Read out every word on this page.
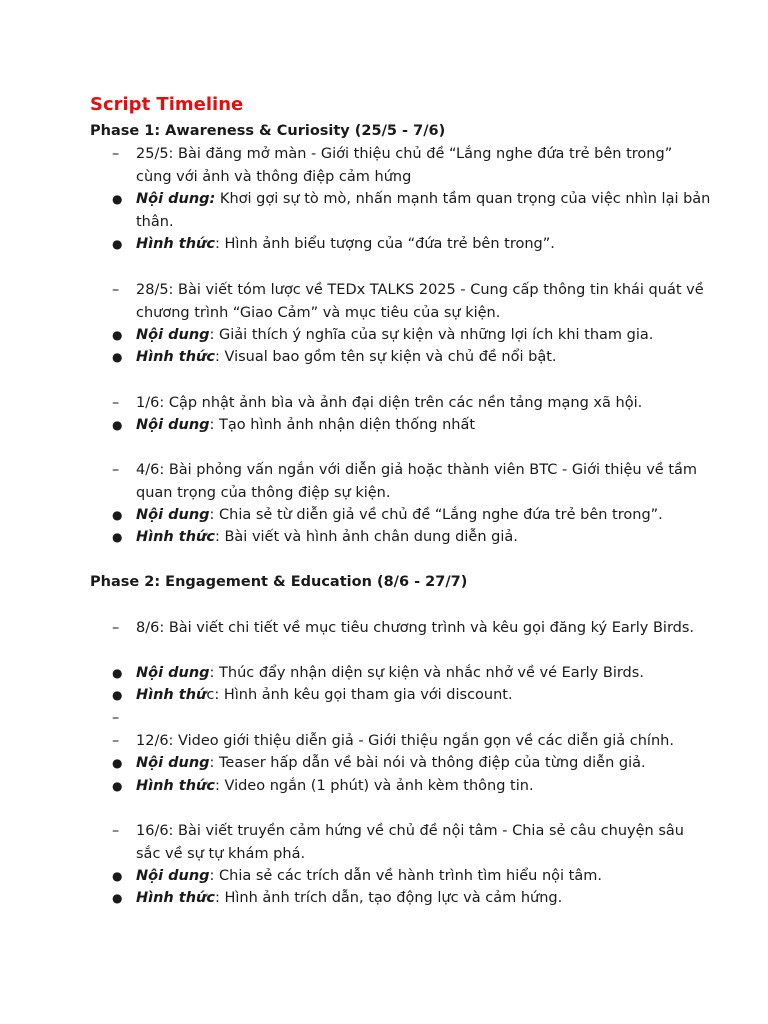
Script Timeline
Phase 1: Awareness & Curiosity (25/5 - 7/6)
–	25/5: Bài đăng mở màn - Giới thiệu chủ đề “Lắng nghe đứa trẻ bên trong” cùng với ảnh và thông điệp cảm hứng
● Nội dung: Khơi gợi sự tò mò, nhấn mạnh tầm quan trọng của việc nhìn lại bản thân.
● Hình thức: Hình ảnh biểu tượng của “đứa trẻ bên trong”.
–	28/5: Bài viết tóm lược về TEDx TALKS 2025 - Cung cấp thông tin khái quát về chương trình “Giao Cảm” và mục tiêu của sự kiện.
● Nội dung: Giải thích ý nghĩa của sự kiện và những lợi ích khi tham gia.
● Hình thức: Visual bao gồm tên sự kiện và chủ đề nổi bật.
–	1/6: Cập nhật ảnh bìa và ảnh đại diện trên các nền tảng mạng xã hội.
● Nội dung: Tạo hình ảnh nhận diện thống nhất
–	4/6: Bài phỏng vấn ngắn với diễn giả hoặc thành viên BTC - Giới thiệu về tầm quan trọng của thông điệp sự kiện.
● Nội dung: Chia sẻ từ diễn giả về chủ đề “Lắng nghe đứa trẻ bên trong”.
● Hình thức: Bài viết và hình ảnh chân dung diễn giả.
Phase 2: Engagement & Education (8/6 - 27/7)
–	8/6: Bài viết chi tiết về mục tiêu chương trình và kêu gọi đăng ký Early Birds.
● Nội dung: Thúc đẩy nhận diện sự kiện và nhắc nhở về vé Early Birds.
● Hình thức: Hình ảnh kêu gọi tham gia với discount.
–
–	12/6: Video giới thiệu diễn giả - Giới thiệu ngắn gọn về các diễn giả chính.
● Nội dung: Teaser hấp dẫn về bài nói và thông điệp của từng diễn giả.
● Hình thức: Video ngắn (1 phút) và ảnh kèm thông tin.
–	16/6: Bài viết truyền cảm hứng về chủ đề nội tâm - Chia sẻ câu chuyện sâu sắc về sự tự khám phá.
● Nội dung: Chia sẻ các trích dẫn về hành trình tìm hiểu nội tâm.
● Hình thức: Hình ảnh trích dẫn, tạo động lực và cảm hứng.
